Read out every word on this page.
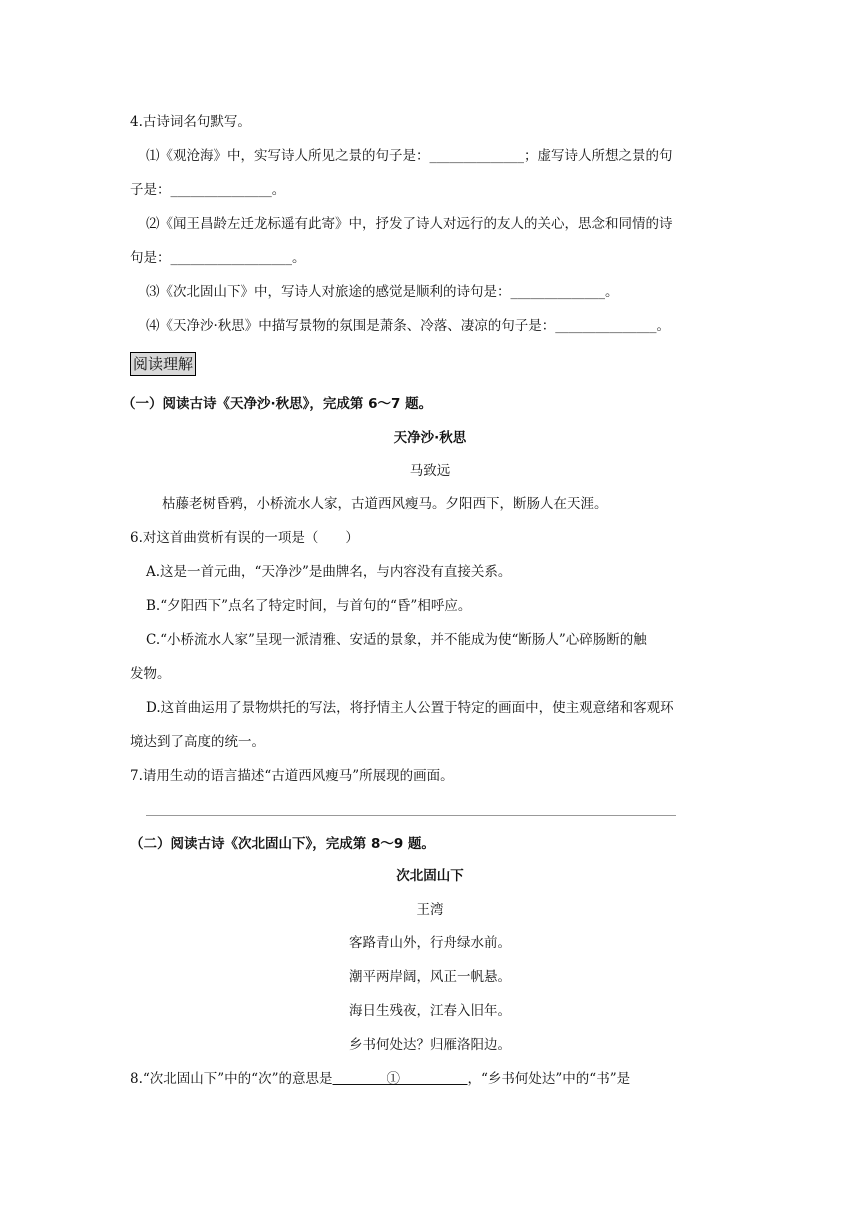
4.古诗词名句默写。
⑴《观沧海》中，实写诗人所见之景的句子是：______________；虚写诗人所想之景的句
子是：_______________。
⑵《闻王昌龄左迁龙标遥有此寄》中，抒发了诗人对远行的友人的关心，思念和同情的诗
句是：__________________。
⑶《次北固山下》中，写诗人对旅途的感觉是顺利的诗句是：______________。
⑷《天净沙·秋思》中描写景物的氛围是萧条、冷落、凄凉的句子是：_______________。
阅读理解
（一）阅读古诗《天净沙·秋思》，完成第 6～7 题。
天净沙·秋思
马致远
枯藤老树昏鸦，小桥流水人家，古道西风瘦马。夕阳西下，断肠人在天涯。
6.对这首曲赏析有误的一项是（　　）
A.这是一首元曲，“天净沙”是曲牌名，与内容没有直接关系。
B.“夕阳西下”点名了特定时间，与首句的“昏”相呼应。
C.“小桥流水人家”呈现一派清雅、安适的景象，并不能成为使“断肠人”心碎肠断的触
发物。
D.这首曲运用了景物烘托的写法，将抒情主人公置于特定的画面中，使主观意绪和客观环
境达到了高度的统一。
7.请用生动的语言描述“古道西风瘦马”所展现的画面。
（二）阅读古诗《次北固山下》，完成第 8～9 题。
次北固山下
王湾
客路青山外，行舟绿水前。
潮平两岸阔，风正一帆悬。
海日生残夜，江春入旧年。
乡书何处达？归雁洛阳边。
8.“次北固山下”中的“次”的意思是　　　　①　　　　　，“乡书何处达”中的“书”是
